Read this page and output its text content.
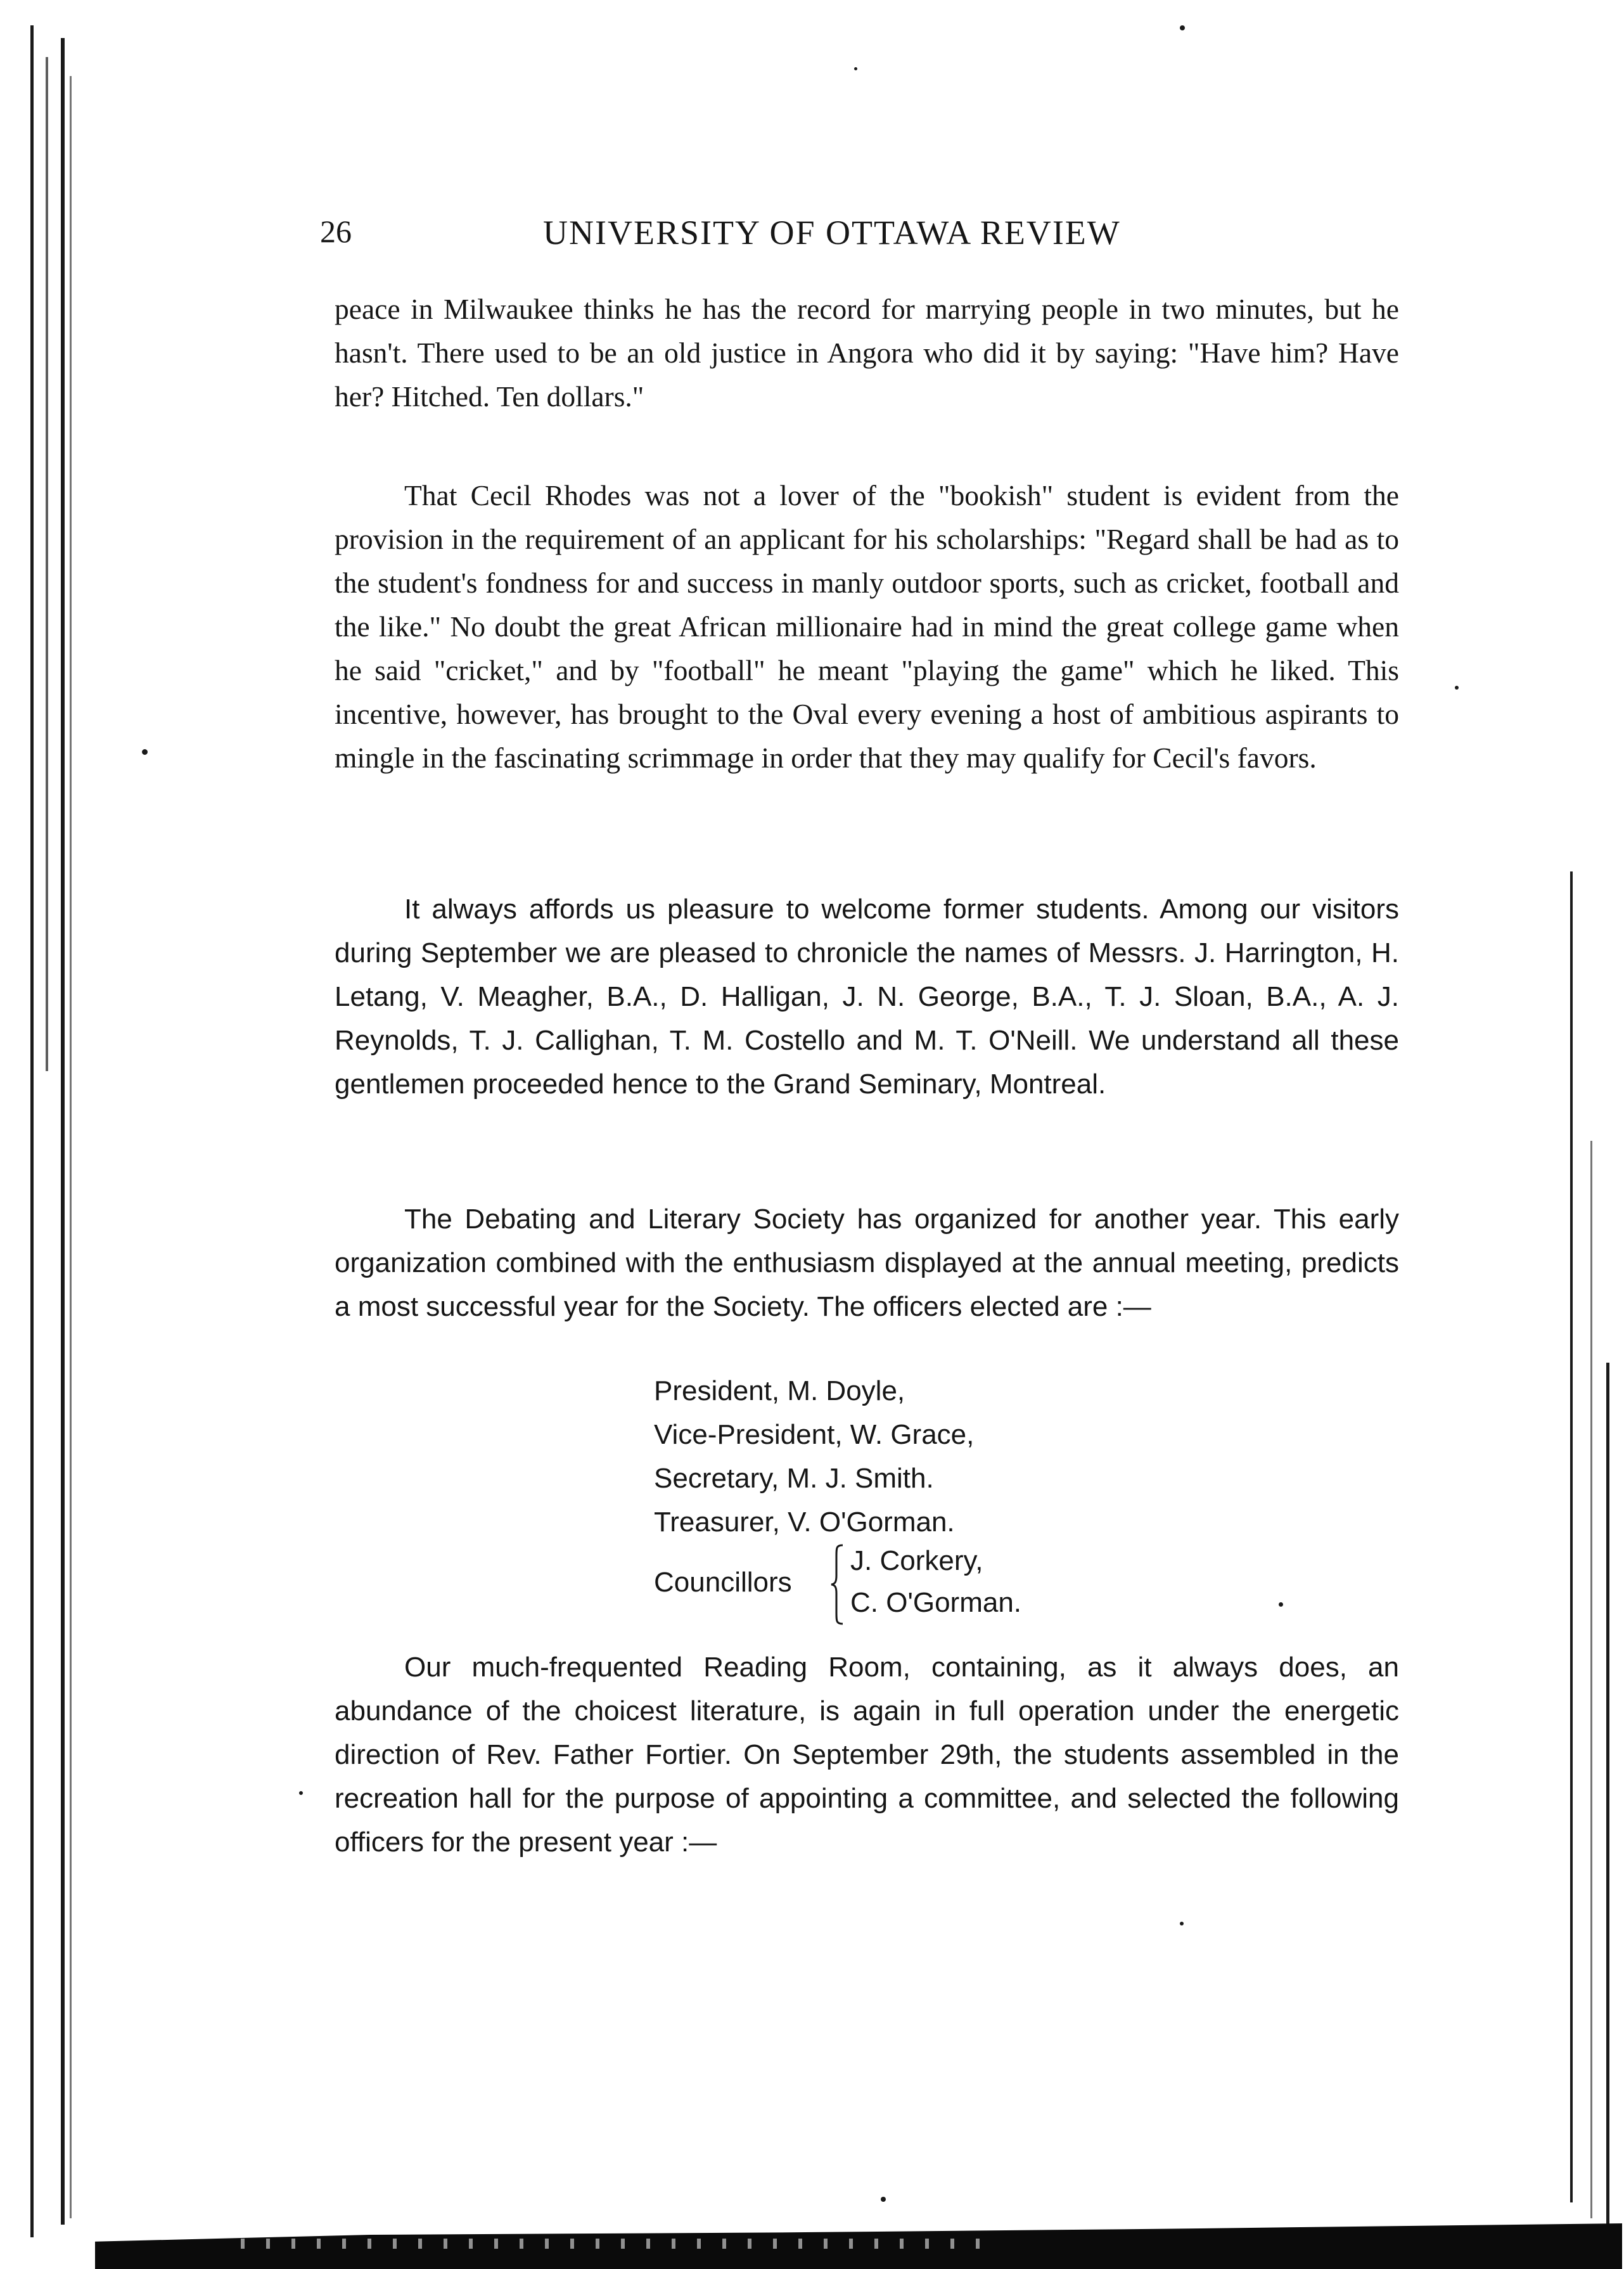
26	UNIVERSITY OF OTTAWA REVIEW

peace in Milwaukee thinks he has the record for marrying people in two minutes, but he hasn't. There used to be an old justice in Angora who did it by saying: "Have him? Have her? Hitched. Ten dollars."

That Cecil Rhodes was not a lover of the "bookish" student is evident from the provision in the requirement of an applicant for his scholarships: "Regard shall be had as to the student's fondness for and success in manly outdoor sports, such as cricket, football and the like." No doubt the great African millionaire had in mind the great college game when he said "cricket," and by "football" he meant "playing the game" which he liked. This incentive, however, has brought to the Oval every evening a host of ambitious aspirants to mingle in the fascinating scrimmage in order that they may qualify for Cecil's favors.

It always affords us pleasure to welcome former students. Among our visitors during September we are pleased to chronicle the names of Messrs. J. Harrington, H. Letang, V. Meagher, B.A., D. Halligan, J. N. George, B.A., T. J. Sloan, B.A., A. J. Reynolds, T. J. Callighan, T. M. Costello and M. T. O'Neill. We understand all these gentlemen proceeded hence to the Grand Seminary, Montreal.

The Debating and Literary Society has organized for another year. This early organization combined with the enthusiasm displayed at the annual meeting, predicts a most successful year for the Society. The officers elected are :—

President, M. Doyle,
Vice-President, W. Grace,
Secretary, M. J. Smith.
Treasurer, V. O'Gorman.
Councillors
J. Corkery,
C. O'Gorman.

Our much-frequented Reading Room, containing, as it always does, an abundance of the choicest literature, is again in full operation under the energetic direction of Rev. Father Fortier. On September 29th, the students assembled in the recreation hall for the purpose of appointing a committee, and selected the following officers for the present year :—
